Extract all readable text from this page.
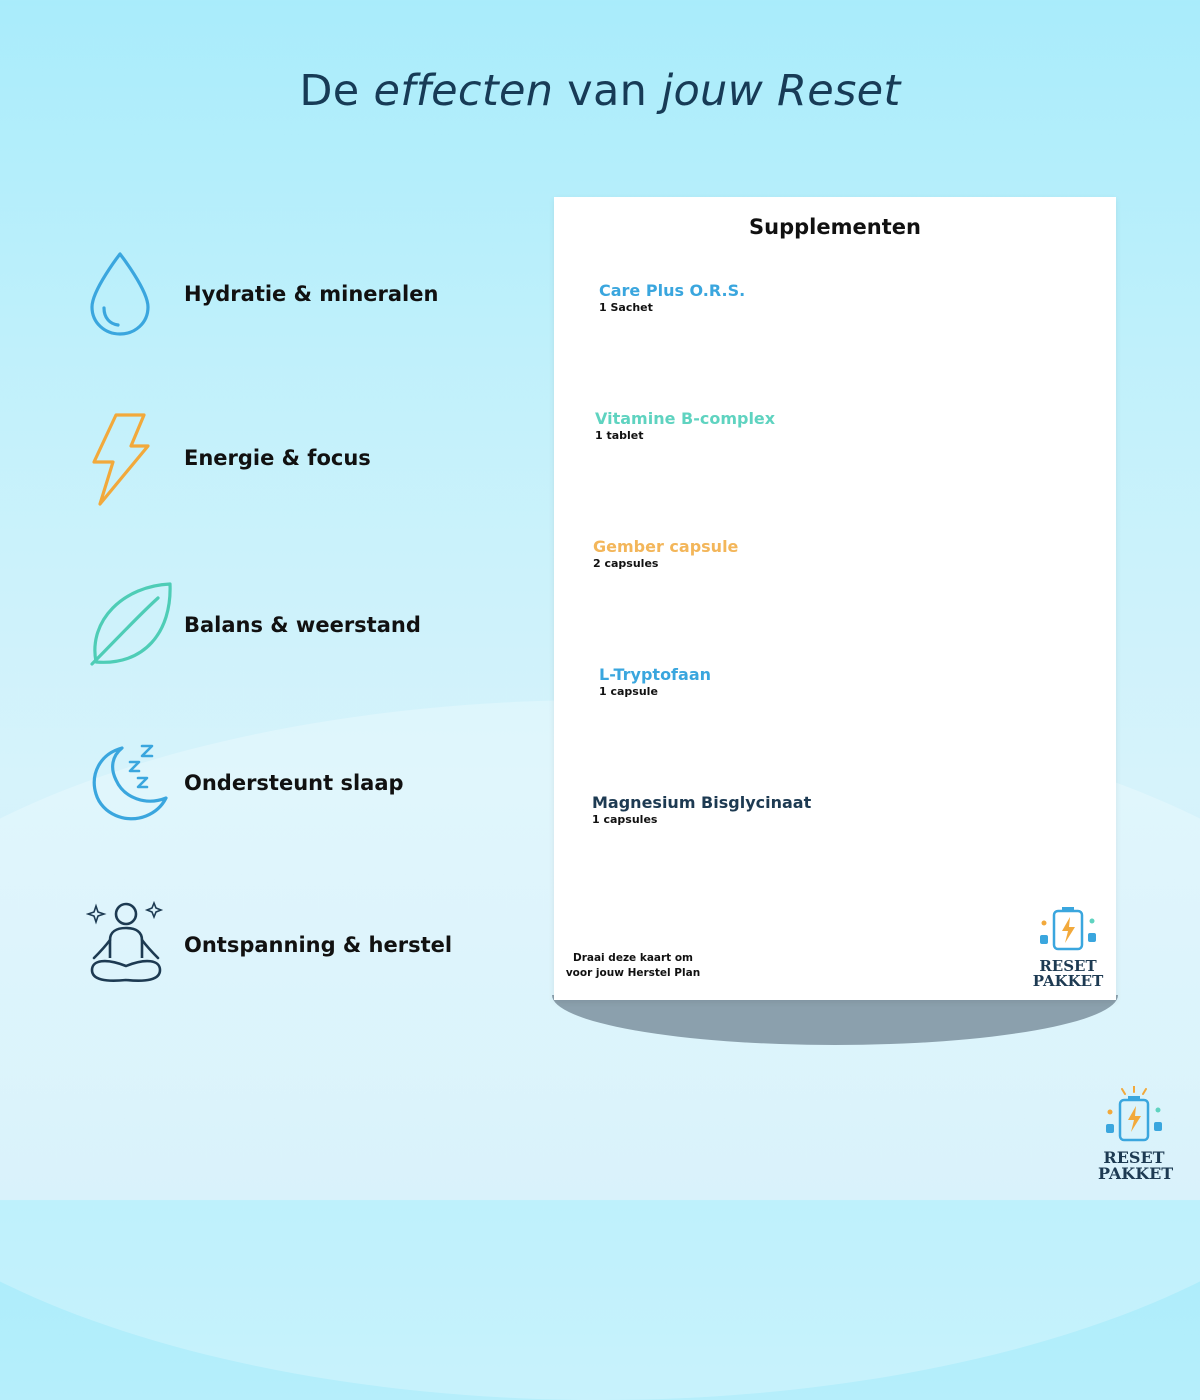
De effecten van jouw Reset
Hydratie & mineralen
Energie & focus
Balans & weerstand
Ondersteunt slaap
Ontspanning & herstel
Supplementen
Care Plus O.R.S.
1 Sachet
Vitamine B-complex
1 tablet
Gember capsule
2 capsules
L-Tryptofaan
1 capsule
Magnesium Bisglycinaat
1 capsules
Draai deze kaart om
voor jouw Herstel Plan	RESET
PAKKET
RESET
PAKKET
